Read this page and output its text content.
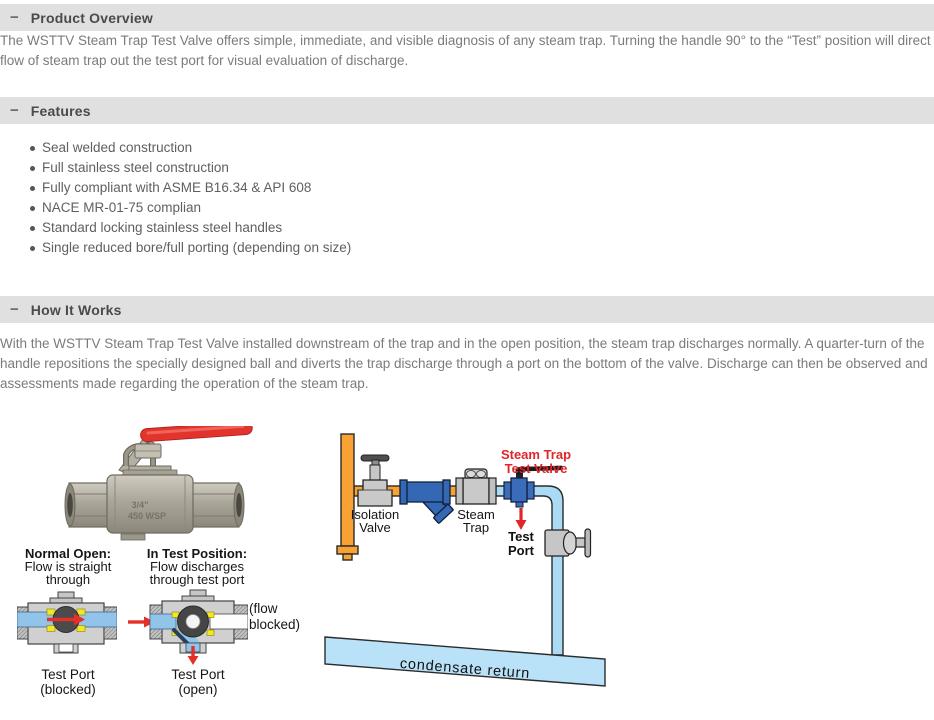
− Product Overview

The WSTTV Steam Trap Test Valve offers simple, immediate, and visible diagnosis of any steam trap. Turning the handle 90° to the “Test” position will direct flow of steam trap out the test port for visual evaluation of discharge.

− Features
Seal welded construction
Full stainless steel construction
Fully compliant with ASME B16.34 & API 608
NACE MR-01-75 complian
Standard locking stainless steel handles
Single reduced bore/full porting (depending on size)
− How It Works

With the WSTTV Steam Trap Test Valve installed downstream of the trap and in the open position, the steam trap discharges normally. A quarter-turn of the handle repositions the specially designed ball and diverts the trap discharge through a port on the bottom of the valve. Discharge can then be observed and assessments made regarding the operation of the steam trap.

3/4"
450 WSP
Normal Open:
Flow is straight
through
In Test Position:
Flow discharges
through test port
(flow
blocked)
Test Port
(blocked)
Test Port
(open)
condensate return
Isolation
Valve
Steam
Trap
Steam Trap
Test Valve
Test
Port
